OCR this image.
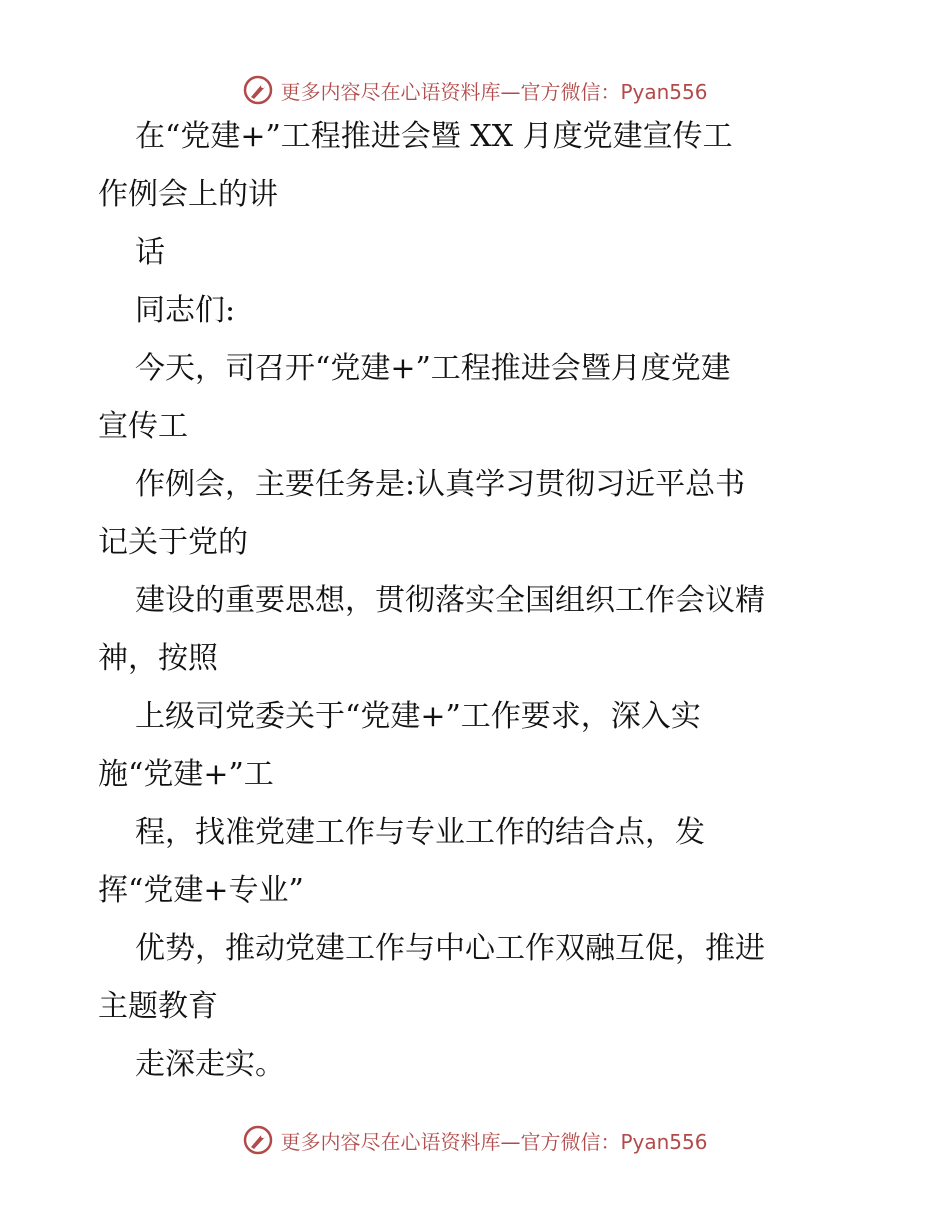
更多内容尽在心语资料库—官方微信：Pyan556
在“党建+”工程推进会暨 XX 月度党建宣传工
作例会上的讲
话
同志们:
今天，司召开“党建+”工程推进会暨月度党建
宣传工
作例会，主要任务是:认真学习贯彻习近平总书
记关于党的
建设的重要思想，贯彻落实全国组织工作会议精
神，按照
上级司党委关于“党建+”工作要求，深入实
施“党建+”工
程，找准党建工作与专业工作的结合点，发
挥“党建+专业”
优势，推动党建工作与中心工作双融互促，推进
主题教育
走深走实。
更多内容尽在心语资料库—官方微信：Pyan556
